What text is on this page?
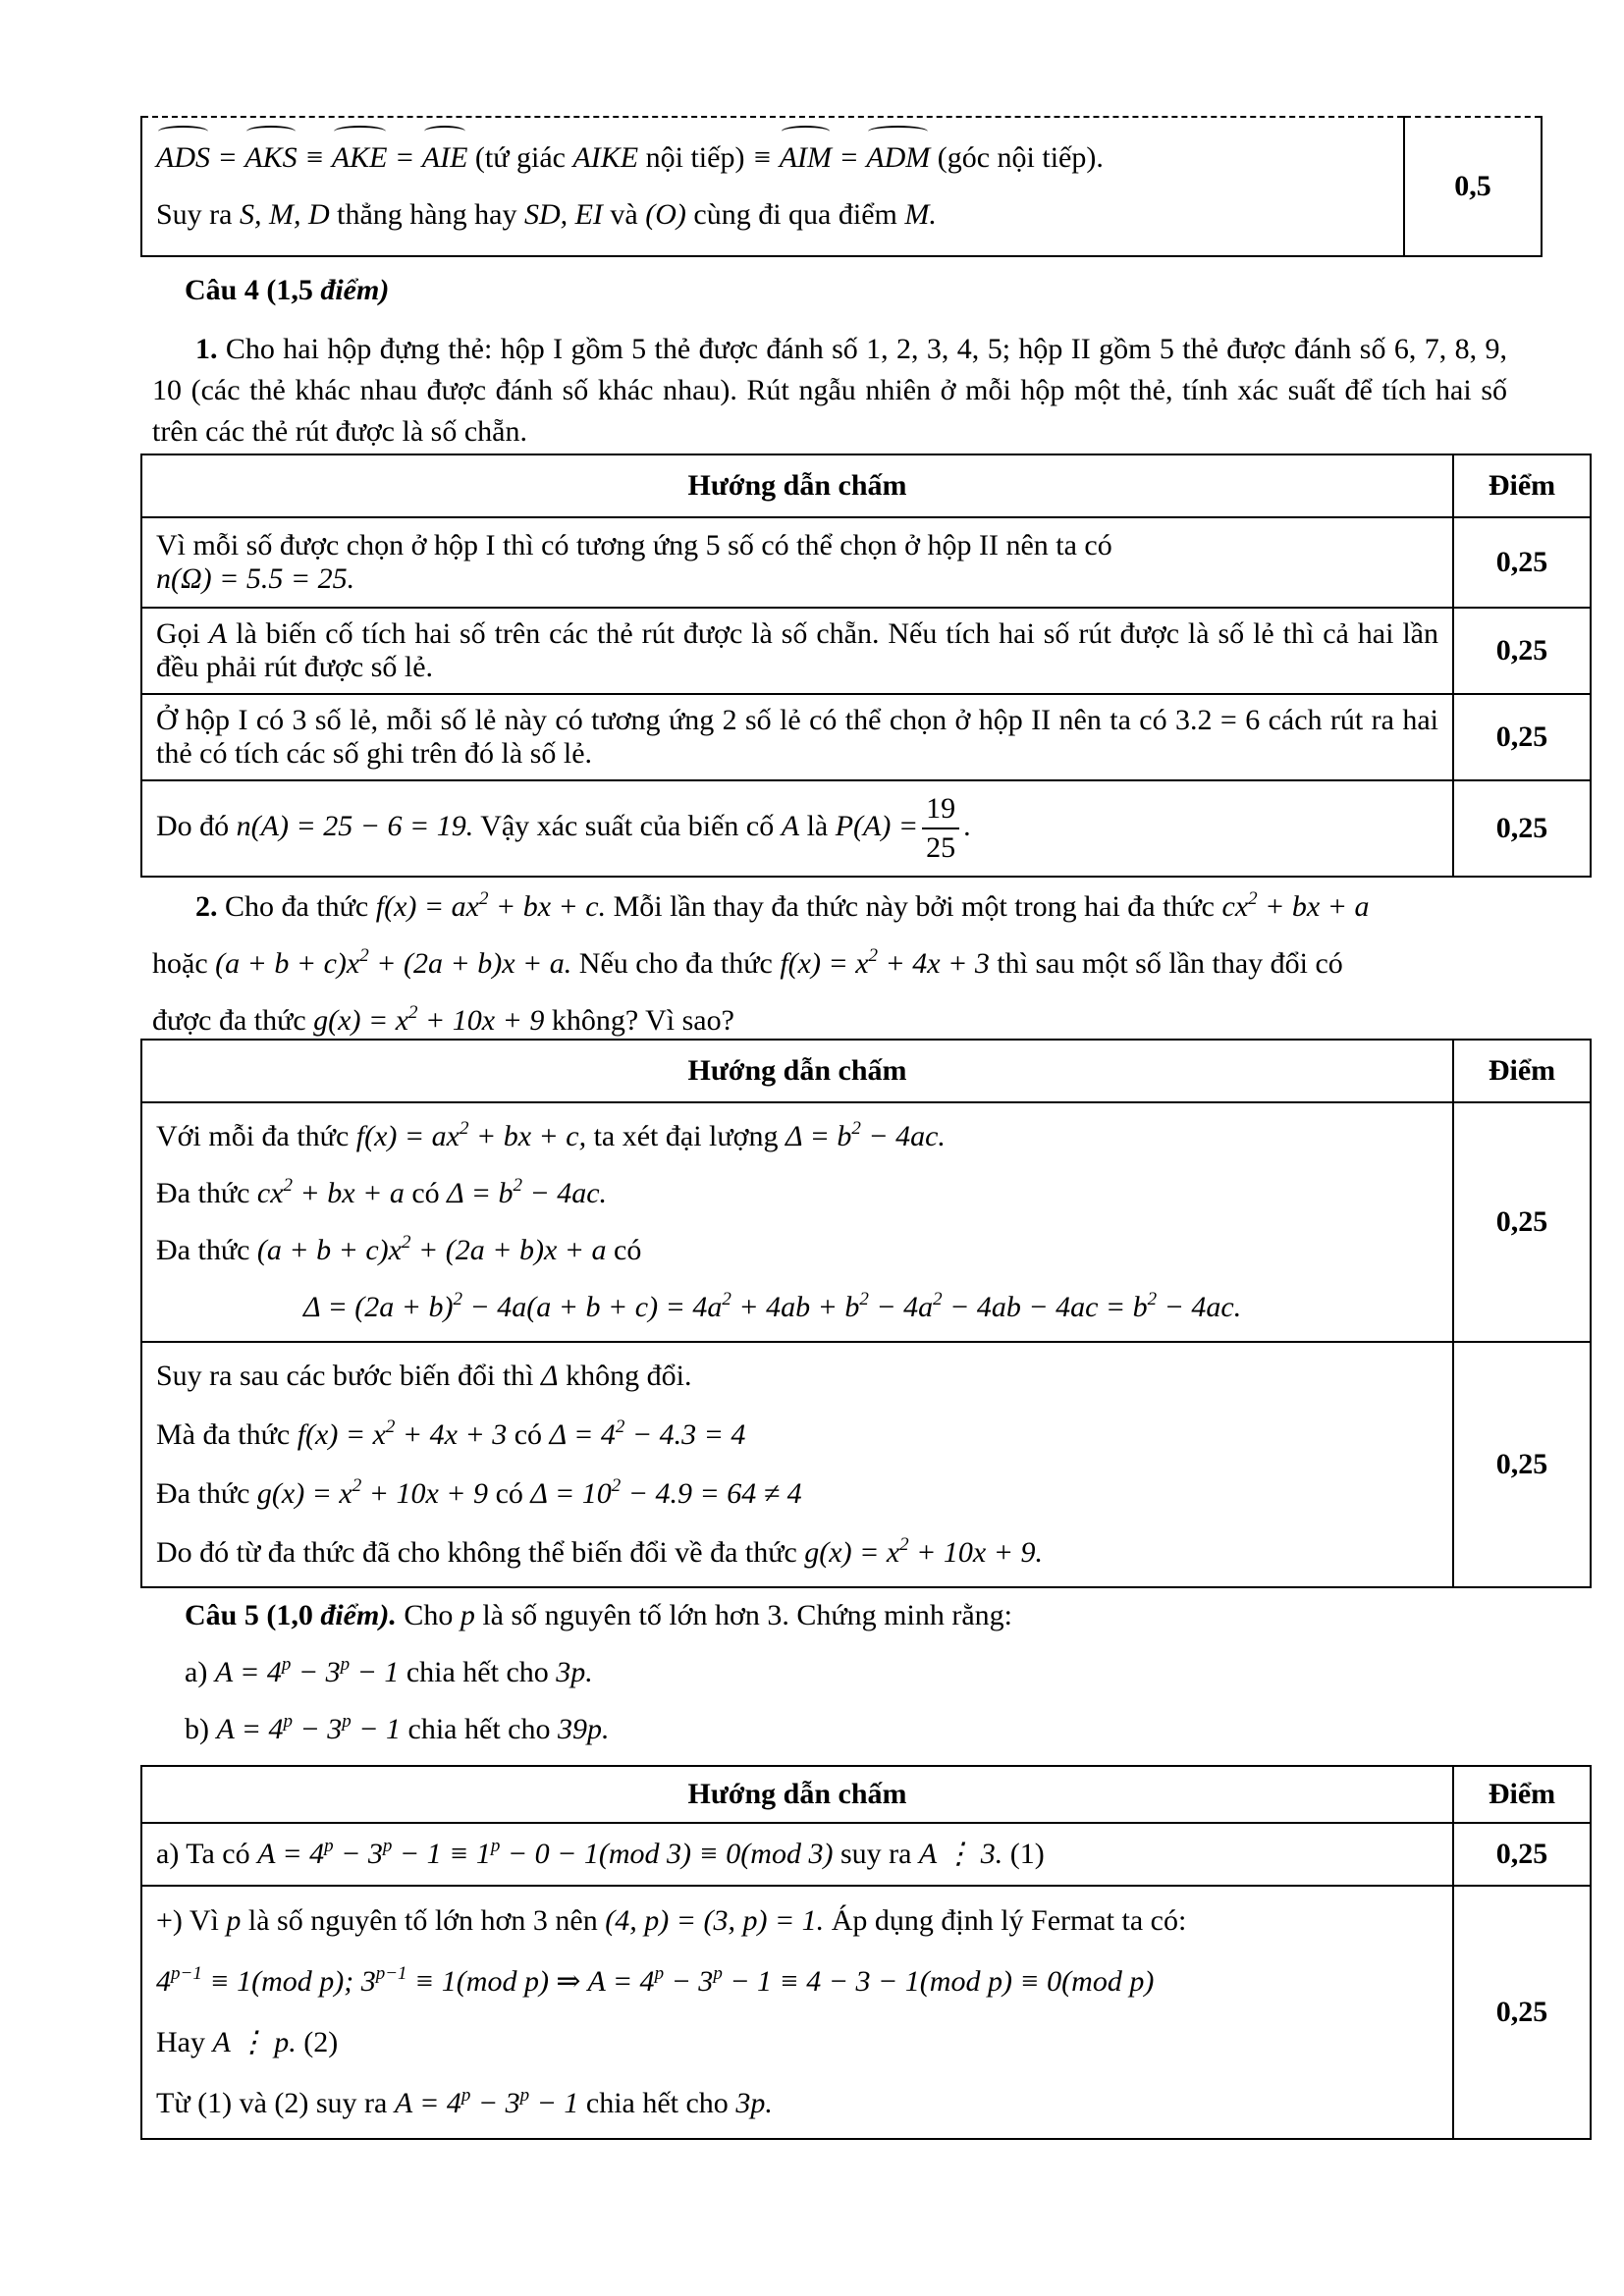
ADS = AKS ≡ AKE = AIE (tứ giác AIKE nội tiếp) ≡ AIM = ADM (góc nội tiếp).
Suy ra S, M, D thẳng hàng hay SD, EI và (O) cùng đi qua điểm M.
	0,5
Câu 4 (1,5 điểm)
1. Cho hai hộp đựng thẻ: hộp I gồm 5 thẻ được đánh số 1, 2, 3, 4, 5; hộp II gồm 5 thẻ được đánh số 6, 7, 8, 9, 10 (các thẻ khác nhau được đánh số khác nhau). Rút ngẫu nhiên ở mỗi hộp một thẻ, tính xác suất để tích hai số trên các thẻ rút được là số chẵn.
Hướng dẫn chấm	Điểm
Vì mỗi số được chọn ở hộp I thì có tương ứng 5 số có thể chọn ở hộp II nên ta có
n(Ω) = 5.5 = 25.	0,25
Gọi A là biến cố tích hai số trên các thẻ rút được là số chẵn. Nếu tích hai số rút được là số lẻ thì cả hai lần đều phải rút được số lẻ.	0,25
Ở hộp I có 3 số lẻ, mỗi số lẻ này có tương ứng 2 số lẻ có thể chọn ở hộp II nên ta có 3.2 = 6 cách rút ra hai thẻ có tích các số ghi trên đó là số lẻ.	0,25
Do đó n(A) = 25 − 6 = 19. Vậy xác suất của biến cố A là $P(A) = \frac{19}{25}$ .	0,25
2. Cho đa thức $f(x) = ax^2$ + bx + c. Mỗi lần thay đa thức này bởi một trong hai đa thức $cx^2$ + bx + a
hoặc $(a + b + c)x^2 + (2a + b)x + a$. Nếu cho đa thức $f(x) = x^2 + 4x + 3$ thì sau một số lần thay đổi có
được đa thức $g(x) = x^2 + 10x + 9$ không? Vì sao?
Hướng dẫn chấm	Điểm
Với mỗi đa thức $f(x) = ax^2$ + bx + c, ta xét đại lượng $\Delta = b^2 - 4ac$.
Đa thức $cx^2$ + bx + a có $\Delta = b^2 - 4ac$.
Đa thức $(a + b + c)x^2 + (2a + b)x + a$ có
$\Delta = (2a + b)^2 - 4a(a + b + c) = 4a^2 + 4ab + b^2 - 4a^2 - 4ab - 4ac = b^2 - 4ac$.	0,25
Suy ra sau các bước biến đổi thì Δ không đổi.
Mà đa thức $f(x) = x^2 + 4x + 3$ có $\Delta = 4^2 - 4.3 = 4$
Đa thức $g(x) = x^2 + 10x + 9$ có $\Delta = 10^2 - 4.9 = 64 \ne 4$
Do đó từ đa thức đã cho không thể biến đổi về đa thức $g(x) = x^2 + 10x + 9$.	0,25
Câu 5 (1,0 điểm). Cho p là số nguyên tố lớn hơn 3. Chứng minh rằng:
a) $A = 4^p - 3^p - 1$ chia hết cho 3p.
b) $A = 4^p - 3^p - 1$ chia hết cho 39p.
Hướng dẫn chấm	Điểm
a) Ta có $A = 4^p - 3^p - 1 \equiv 1^p - 0 - 1(mod$ 3) ≡ 0(mod 3) suy ra A ⋮ 3. (1)	0,25
+) Vì p là số nguyên tố lớn hơn 3 nên (4, p) = (3, p) = 1. Áp dụng định lý Fermat ta có:
$4^{p-1} \equiv 1(mod$ p); $3^{p-1} \equiv 1(mod$ p) ⇒ $A = 4^p - 3^p - 1 \equiv 4 - 3 - 1(mod$ p) ≡ 0(mod p)
Hay A ⋮ p. (2)
Từ (1) và (2) suy ra $A = 4^p - 3^p - 1$ chia hết cho 3p.	0,25
